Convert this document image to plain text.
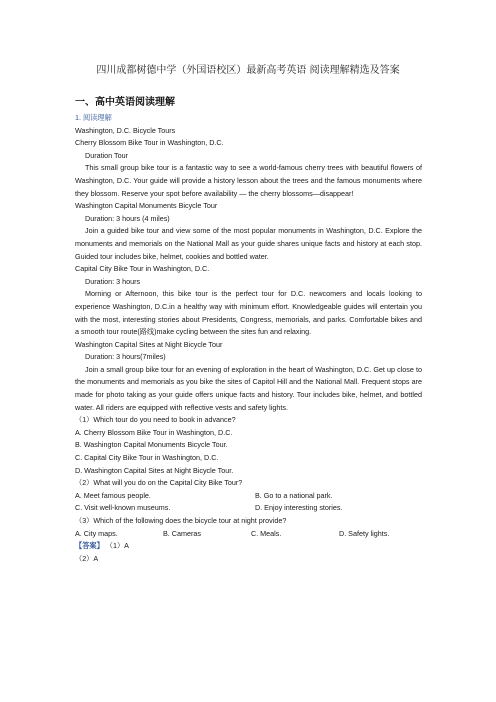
四川成都树德中学（外国语校区）最新高考英语 阅读理解精选及答案
一、高中英语阅读理解
1. 阅读理解
Washington, D.C. Bicycle Tours
Cherry Blossom Bike Tour in Washington, D.C.
Duration Tour
This small group bike tour is a fantastic way to see a world-famous cherry trees with beautiful flowers of Washington, D.C. Your guide will provide a history lesson about the trees and the famous monuments where they blossom. Reserve your spot before availability — the cherry blossoms—disappear!
Washington Capital Monuments Bicycle Tour
Duration: 3 hours (4 miles)
Join a guided bike tour and view some of the most popular monuments in Washington, D.C. Explore the monuments and memorials on the National Mall as your guide shares unique facts and history at each stop. Guided tour includes bike, helmet, cookies and bottled water.
Capital City Bike Tour in Washington, D.C.
Duration: 3 hours
Morning or Afternoon, this bike tour is the perfect tour for D.C. newcomers and locals looking to experience Washington, D.C.in a healthy way with minimum effort. Knowledgeable guides will entertain you with the most, interesting stories about Presidents, Congress, memorials, and parks. Comfortable bikes and a smooth tour route(路线)make cycling between the sites fun and relaxing.
Washington Capital Sites at Night Bicycle Tour
Duration: 3 hours(7miles)
Join a small group bike tour for an evening of exploration in the heart of Washington, D.C. Get up close to the monuments and memorials as you bike the sites of Capitol Hill and the National Mall. Frequent stops are made for photo taking as your guide offers unique facts and history. Tour includes bike, helmet, and bottled water. All riders are equipped with reflective vests and safety lights.
（1）Which tour do you need to book in advance?
A. Cherry Blossom Bike Tour in Washington, D.C.
B. Washington Capital Monuments Bicycle Tour.
C. Capital City Bike Tour in Washington, D.C.
D. Washington Capital Sites at Night Bicycle Tour.
（2）What will you do on the Capital City Bike Tour?
A. Meet famous people.	B. Go to a national park.
C. Visit well-known museums.	D. Enjoy interesting stories.
（3）Which of the following does the bicycle tour at night provide?
A. City maps.	B. Cameras	C. Meals.	D. Safety lights.
【答案】 （1）A
（2）A
